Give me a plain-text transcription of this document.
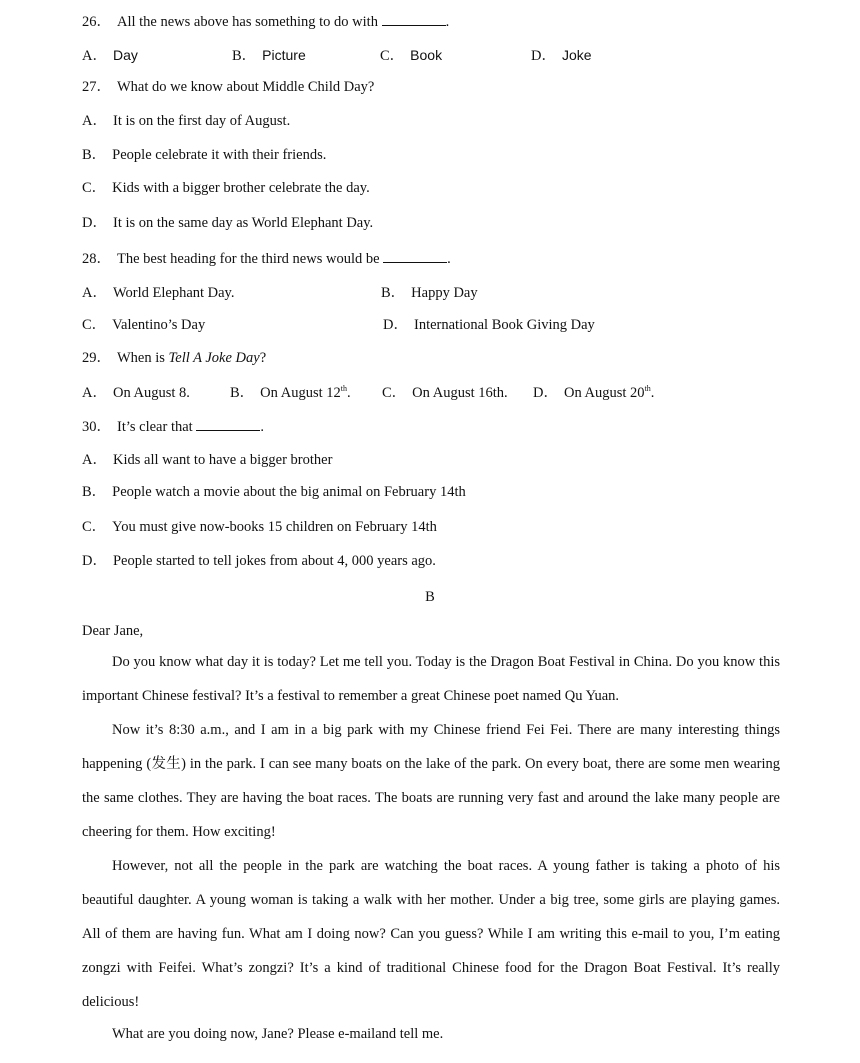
26． All the news above has something to do with	.
A． Day	B． Picture	C． Book	D． Joke
27． What do we know about Middle Child Day?
A． It is on the first day of August.
B． People celebrate it with their friends.
C． Kids with a bigger brother celebrate the day.
D． It is on the same day as World Elephant Day.
28． The best heading for the third news would be	.
A． World Elephant Day.	B． Happy Day
C． Valentino’s Day	D． International Book Giving Day
29． When is Tell A Joke Day?
A． On August 8.	B． On August 12th. C． On August 16th. D． On August 20th.
30． It’s clear that	.
A． Kids all want to have a bigger brother
B． People watch a movie about the big animal on February 14th
C． You must give now-books 15 children on February 14th
D． People started to tell jokes from about 4, 000 years ago.
B
Dear Jane,
Do you know what day it is today? Let me tell you. Today is the Dragon Boat Festival in China. Do you know this important Chinese festival? It’s a festival to remember a great Chinese poet named Qu Yuan.
Now it’s 8:30 a.m., and I am in a big park with my Chinese friend Fei Fei. There are many interesting things happening (发生) in the park. I can see many boats on the lake of the park. On every boat, there are some men wearing the same clothes. They are having the boat races. The boats are running very fast and around the lake many people are cheering for them. How exciting!
However, not all the people in the park are watching the boat races. A young father is taking a photo of his beautiful daughter. A young woman is taking a walk with her mother. Under a big tree, some girls are playing games. All of them are having fun. What am I doing now? Can you guess? While I am writing this e-mail to you, I’m eating zongzi with Feifei. What’s zongzi? It’s a kind of traditional Chinese food for the Dragon Boat Festival. It’s really delicious!
What are you doing now, Jane? Please e-mailand tell me.
